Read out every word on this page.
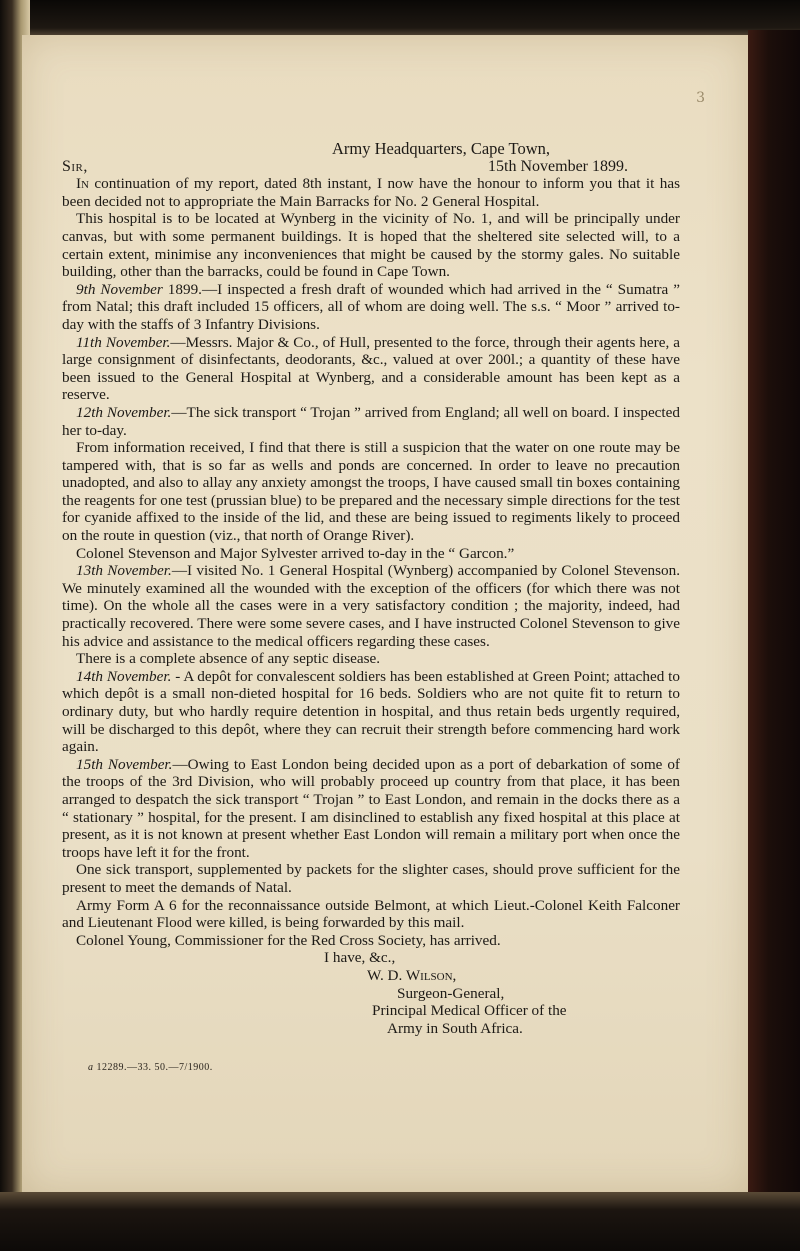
3
Army Headquarters, Cape Town,
Sir,	15th November 1899.

In continuation of my report, dated 8th instant, I now have the honour to inform you that it has been decided not to appropriate the Main Barracks for No. 2 General Hospital.

This hospital is to be located at Wynberg in the vicinity of No. 1, and will be principally under canvas, but with some permanent buildings. It is hoped that the sheltered site selected will, to a certain extent, minimise any inconveniences that might be caused by the stormy gales. No suitable building, other than the barracks, could be found in Cape Town.

9th November 1899.—I inspected a fresh draft of wounded which had arrived in the “ Sumatra ” from Natal; this draft included 15 officers, all of whom are doing well. The s.s. “ Moor ” arrived to-day with the staffs of 3 Infantry Divisions.

11th November.—Messrs. Major & Co., of Hull, presented to the force, through their agents here, a large consignment of disinfectants, deodorants, &c., valued at over 200l.; a quantity of these have been issued to the General Hospital at Wynberg, and a considerable amount has been kept as a reserve.

12th November.—The sick transport “ Trojan ” arrived from England; all well on board. I inspected her to-day.

From information received, I find that there is still a suspicion that the water on one route may be tampered with, that is so far as wells and ponds are concerned. In order to leave no precaution unadopted, and also to allay any anxiety amongst the troops, I have caused small tin boxes containing the reagents for one test (prussian blue) to be prepared and the necessary simple directions for the test for cyanide affixed to the inside of the lid, and these are being issued to regiments likely to proceed on the route in question (viz., that north of Orange River).

Colonel Stevenson and Major Sylvester arrived to-day in the “ Garcon.”

13th November.—I visited No. 1 General Hospital (Wynberg) accompanied by Colonel Stevenson. We minutely examined all the wounded with the exception of the officers (for which there was not time). On the whole all the cases were in a very satisfactory condition ; the majority, indeed, had practically recovered. There were some severe cases, and I have instructed Colonel Stevenson to give his advice and assistance to the medical officers regarding these cases.

There is a complete absence of any septic disease.

14th November. - A depôt for convalescent soldiers has been established at Green Point; attached to which depôt is a small non-dieted hospital for 16 beds. Soldiers who are not quite fit to return to ordinary duty, but who hardly require detention in hospital, and thus retain beds urgently required, will be discharged to this depôt, where they can recruit their strength before commencing hard work again.

15th November.—Owing to East London being decided upon as a port of debarkation of some of the troops of the 3rd Division, who will probably proceed up country from that place, it has been arranged to despatch the sick transport “ Trojan ” to East London, and remain in the docks there as a “ stationary ” hospital, for the present. I am disinclined to establish any fixed hospital at this place at present, as it is not known at present whether East London will remain a military port when once the troops have left it for the front.

One sick transport, supplemented by packets for the slighter cases, should prove sufficient for the present to meet the demands of Natal.

Army Form A 6 for the reconnaissance outside Belmont, at which Lieut.-Colonel Keith Falconer and Lieutenant Flood were killed, is being forwarded by this mail.

Colonel Young, Commissioner for the Red Cross Society, has arrived.

I have, &c.,
W. D. Wilson,
Surgeon-General,
Principal Medical Officer of the
Army in South Africa.
a 12289.—33. 50.—7/1900.
